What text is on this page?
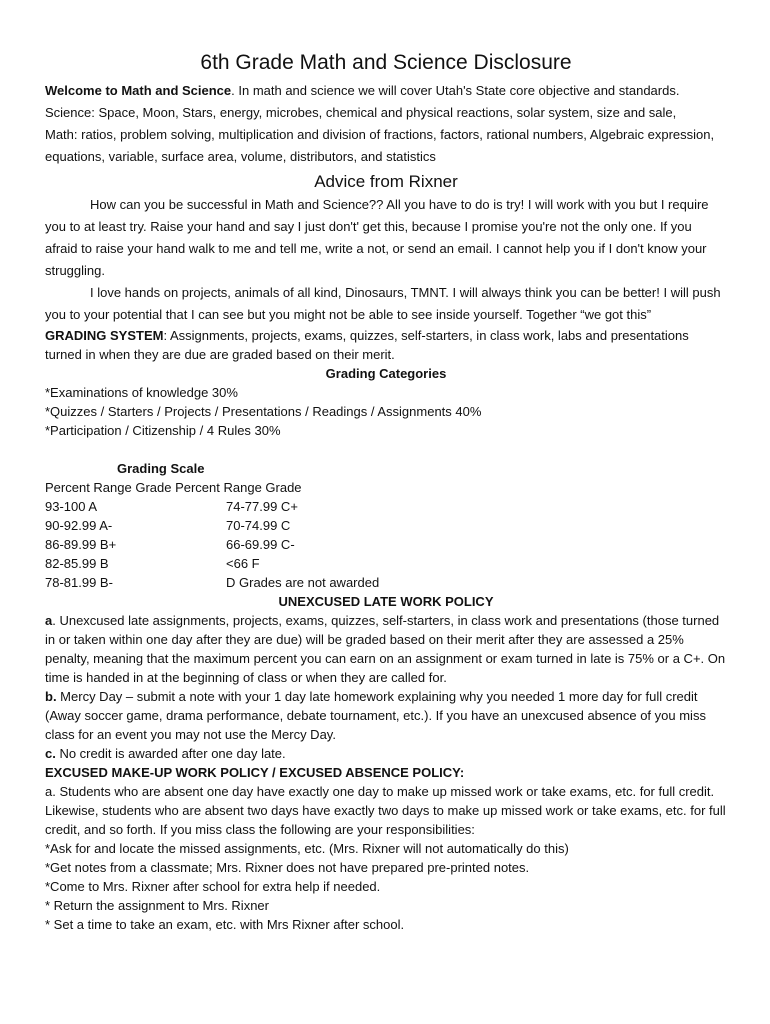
6th Grade Math and Science Disclosure

Welcome to Math and Science. In math and science we will cover Utah's State core objective and standards.

Science: Space, Moon, Stars, energy, microbes, chemical and physical reactions, solar system, size and sale,

Math: ratios, problem solving, multiplication and division of fractions, factors, rational numbers, Algebraic expression, equations, variable, surface area, volume, distributors, and statistics

Advice from Rixner

How can you be successful in Math and Science?? All you have to do is try! I will work with you but I require you to at least try. Raise your hand and say I just don't' get this, because I promise you're not the only one. If you afraid to raise your hand walk to me and tell me, write a not, or send an email. I cannot help you if I don't know your struggling.

I love hands on projects, animals of all kind, Dinosaurs, TMNT. I will always think you can be better! I will push you to your potential that I can see but you might not be able to see inside yourself. Together “we got this”

GRADING SYSTEM: Assignments, projects, exams, quizzes, self-starters, in class work, labs and presentations turned in when they are due are graded based on their merit.

Grading Categories
*Examinations of knowledge 30%
*Quizzes / Starters / Projects / Presentations / Readings / Assignments 40%
*Participation / Citizenship / 4 Rules 30%
Grading Scale
Percent Range Grade Percent Range Grade
93-100 A	74-77.99 C+
90-92.99 A-	70-74.99 C
86-89.99 B+	66-69.99 C-
82-85.99 B	<66 F
78-81.99 B-	D Grades are not awarded
UNEXCUSED LATE WORK POLICY

a. Unexcused late assignments, projects, exams, quizzes, self-starters, in class work and presentations (those turned in or taken within one day after they are due) will be graded based on their merit after they are assessed a 25% penalty, meaning that the maximum percent you can earn on an assignment or exam turned in late is 75% or a C+. On time is handed in at the beginning of class or when they are called for.

b. Mercy Day – submit a note with your 1 day late homework explaining why you needed 1 more day for full credit (Away soccer game, drama performance, debate tournament, etc.). If you have an unexcused absence of you miss class for an event you may not use the Mercy Day.

c. No credit is awarded after one day late.

EXCUSED MAKE-UP WORK POLICY / EXCUSED ABSENCE POLICY:

a. Students who are absent one day have exactly one day to make up missed work or take exams, etc. for full credit. Likewise, students who are absent two days have exactly two days to make up missed work or take exams, etc. for full credit, and so forth. If you miss class the following are your responsibilities:

*Ask for and locate the missed assignments, etc. (Mrs. Rixner will not automatically do this)
*Get notes from a classmate; Mrs. Rixner does not have prepared pre-printed notes.
*Come to Mrs. Rixner after school for extra help if needed.
* Return the assignment to Mrs. Rixner
* Set a time to take an exam, etc. with Mrs Rixner after school.
